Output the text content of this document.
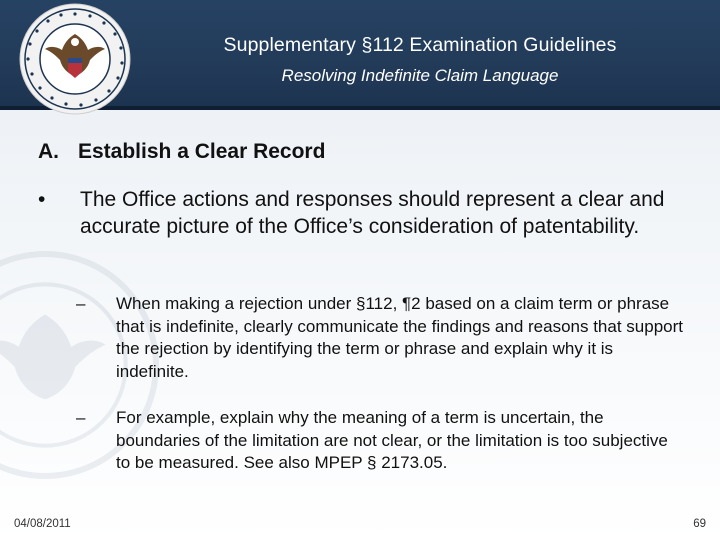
Supplementary §112 Examination Guidelines
Resolving Indefinite Claim Language
A. Establish a Clear Record
• The Office actions and responses should represent a clear and accurate picture of the Office’s consideration of patentability.
– When making a rejection under §112, ¶2 based on a claim term or phrase that is indefinite, clearly communicate the findings and reasons that support the rejection by identifying the term or phrase and explain why it is indefinite.
– For example, explain why the meaning of a term is uncertain, the boundaries of the limitation are not clear, or the limitation is too subjective to be measured. See also MPEP § 2173.05.
04/08/2011	69
